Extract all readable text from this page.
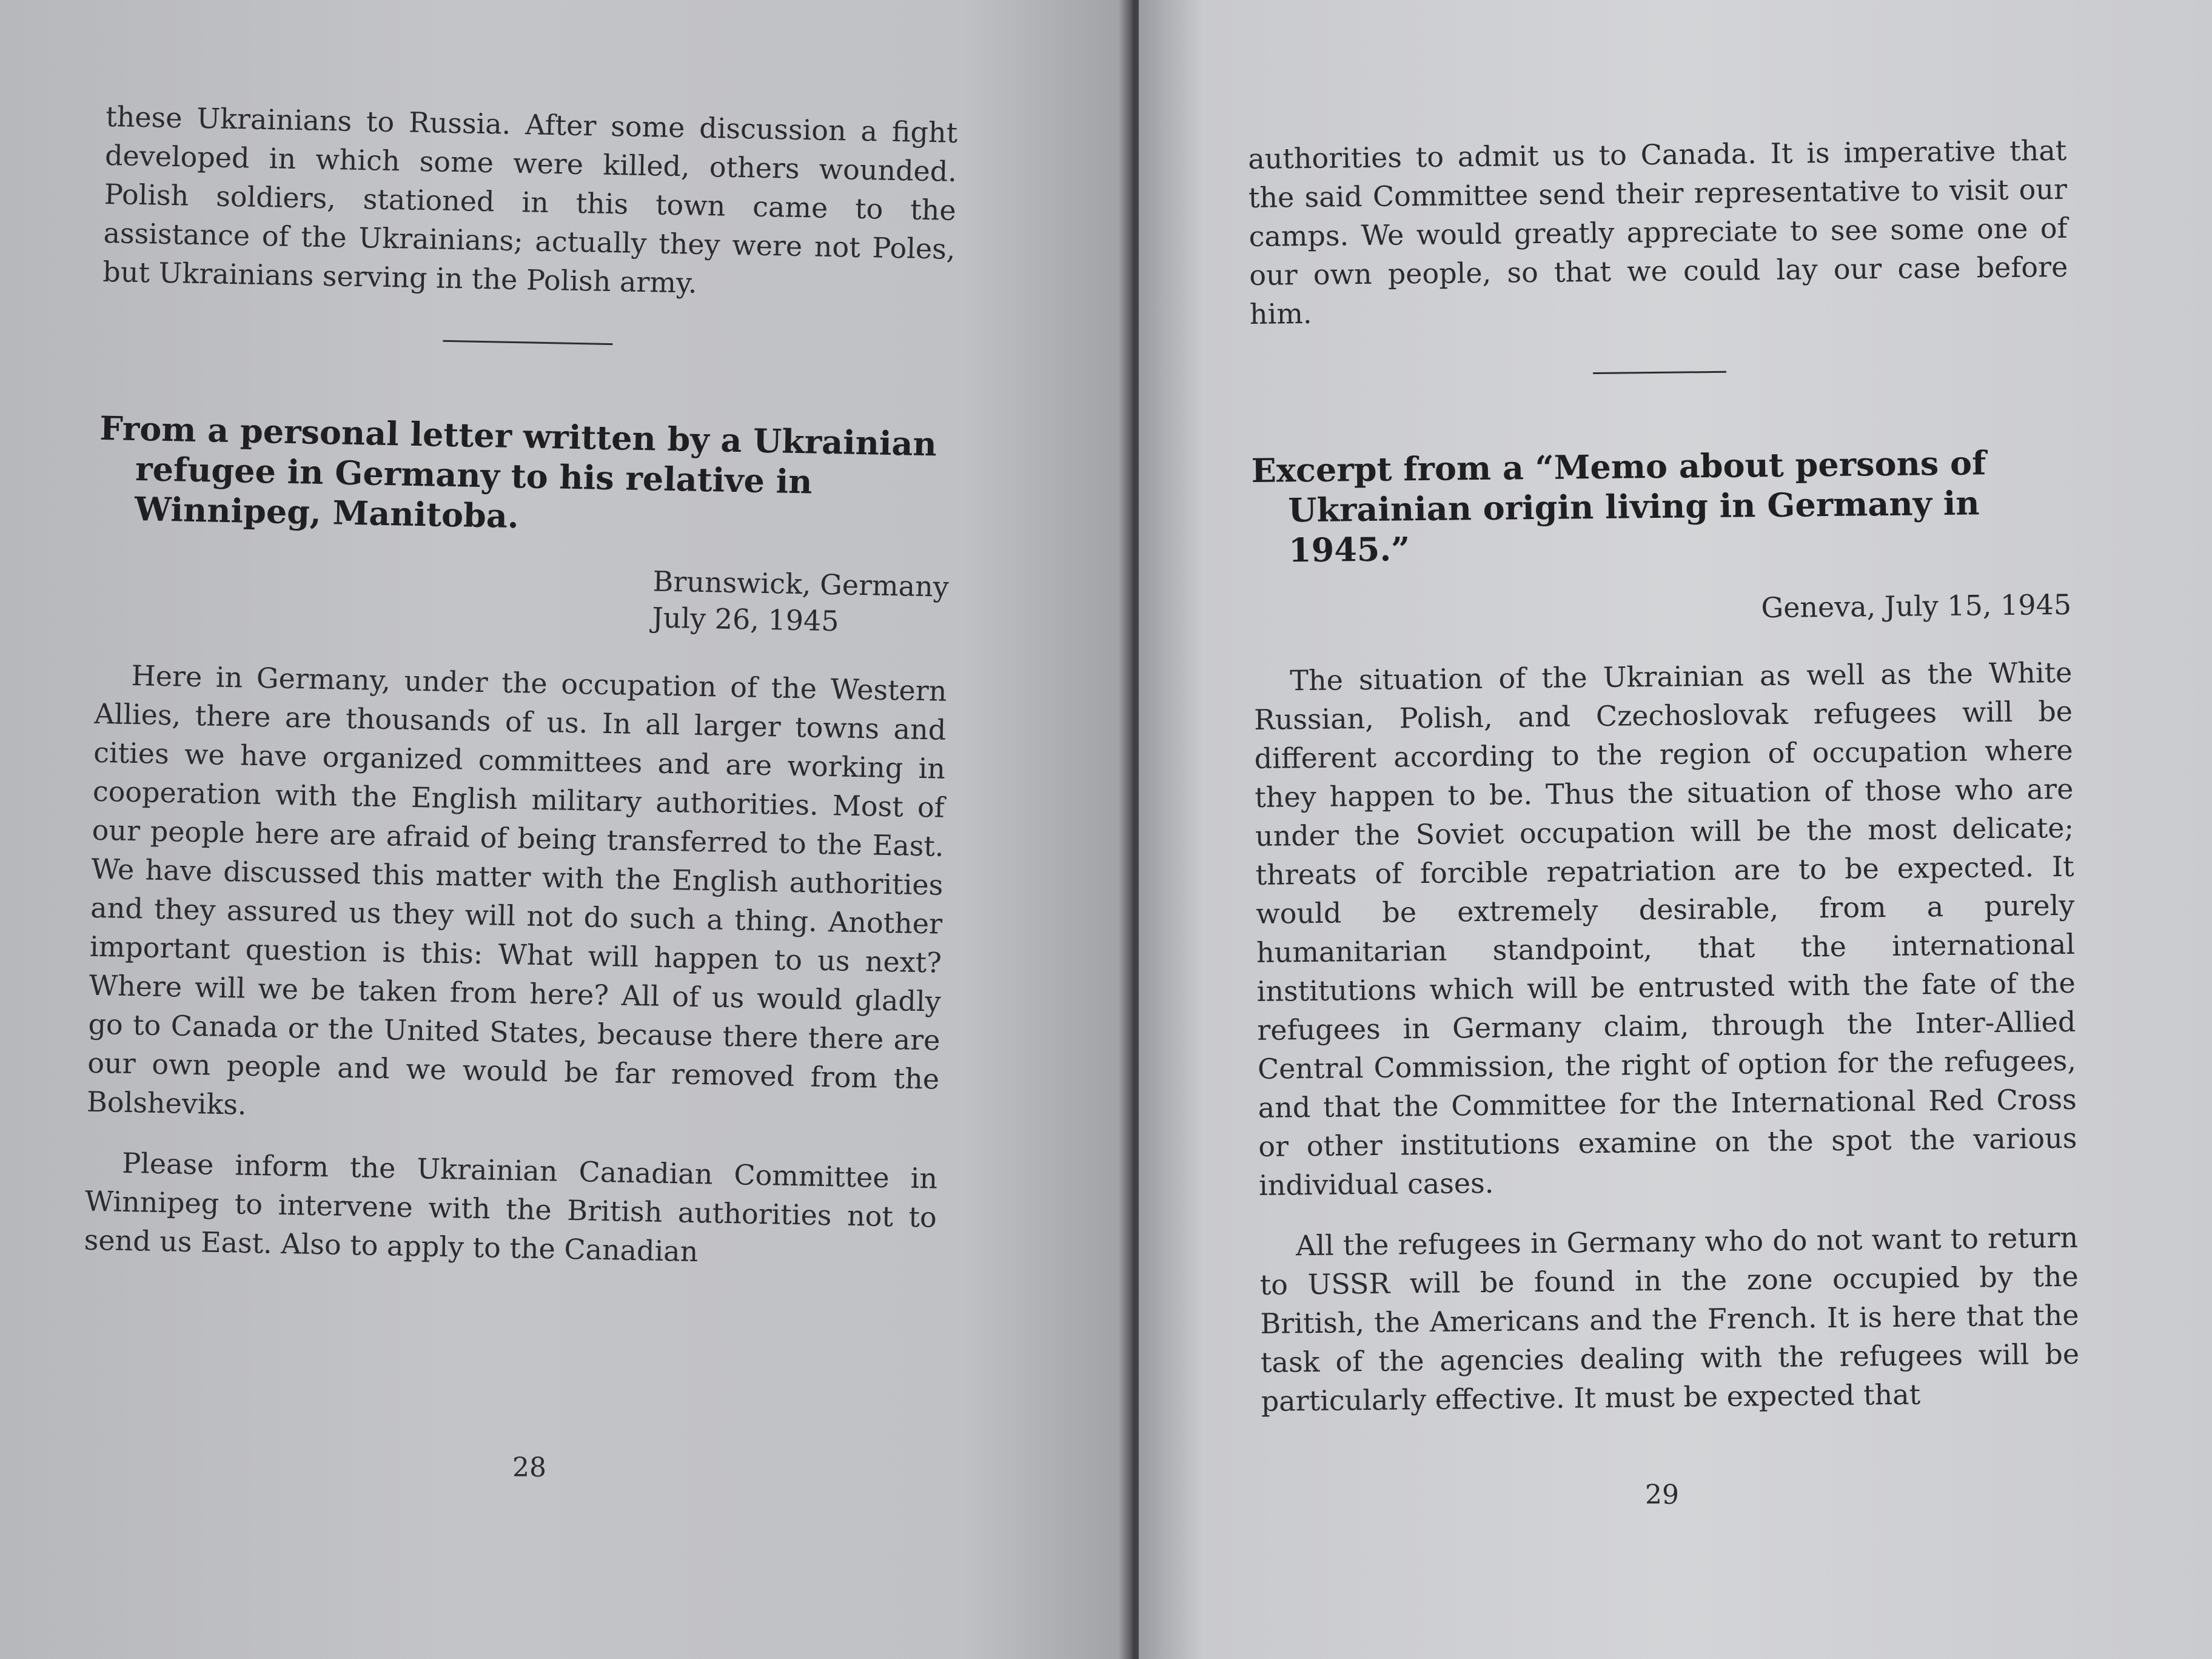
these Ukrainians to Russia. After some discussion a fight developed in which some were killed, others wounded. Polish soldiers, stationed in this town came to the assistance of the Ukrainians; actually they were not Poles, but Ukrainians serving in the Polish army.

From a personal letter written by a Ukrainian refugee in Germany to his relative in Winnipeg, Manitoba.
Brunswick, Germany
July 26, 1945

Here in Germany, under the occupation of the Western Allies, there are thousands of us. In all larger towns and cities we have organized committees and are working in cooperation with the English military authorities. Most of our people here are afraid of being transferred to the East. We have discussed this matter with the English authorities and they assured us they will not do such a thing. Another important question is this: What will happen to us next? Where will we be taken from here? All of us would gladly go to Canada or the United States, because there there are our own people and we would be far removed from the Bolsheviks.

Please inform the Ukrainian Canadian Committee in Winnipeg to intervene with the British authorities not to send us East. Also to apply to the Canadian

28

authorities to admit us to Canada. It is imperative that the said Committee send their representative to visit our camps. We would greatly appreciate to see some one of our own people, so that we could lay our case before him.

Excerpt from a “Memo about persons of Ukrainian origin living in Germany in 1945.”
Geneva, July 15, 1945

The situation of the Ukrainian as well as the White Russian, Polish, and Czechoslovak refugees will be different according to the region of occupation where they happen to be. Thus the situation of those who are under the Soviet occupation will be the most delicate; threats of forcible repatriation are to be expected. It would be extremely desirable, from a purely humanitarian standpoint, that the international institutions which will be entrusted with the fate of the refugees in Germany claim, through the Inter-Allied Central Commission, the right of option for the refugees, and that the Committee for the International Red Cross or other institutions examine on the spot the various individual cases.

All the refugees in Germany who do not want to return to USSR will be found in the zone occupied by the British, the Americans and the French. It is here that the task of the agencies dealing with the refugees will be particularly effective. It must be expected that

29
